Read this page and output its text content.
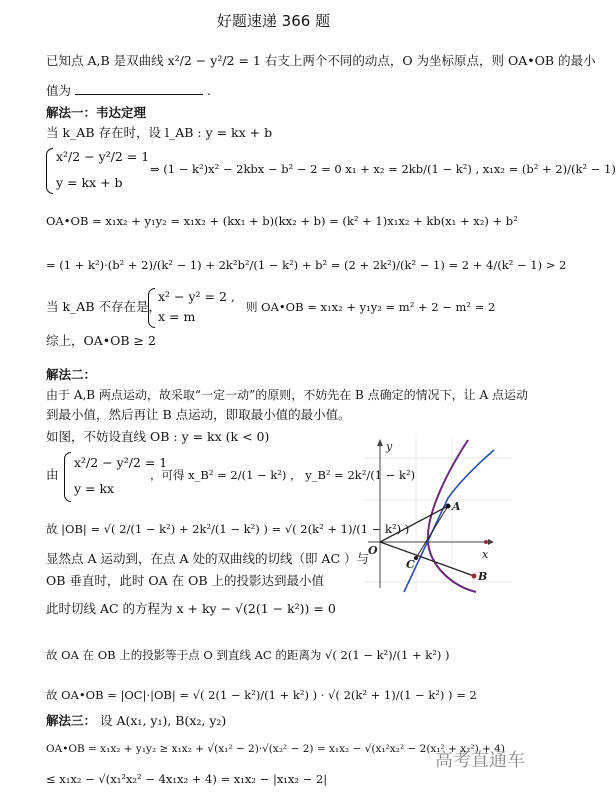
好题速递 366 题
已知点 A,B 是双曲线 x²/2 − y²/2 = 1 右支上两个不同的动点，O 为坐标原点，则 OA•OB 的最小
值为	.
解法一：韦达定理
当 k_AB 存在时，设 l_AB : y = kx + b
x²/2 − y²/2 = 1
y = kx + b
⇒ (1 − k²)x² − 2kbx − b² − 2 = 0 x₁ + x₂ = 2kb/(1 − k²) , x₁x₂ = (b² + 2)/(k² − 1)
OA•OB = x₁x₂ + y₁y₂ = x₁x₂ + (kx₁ + b)(kx₂ + b) = (k² + 1)x₁x₂ + kb(x₁ + x₂) + b²
= (1 + k²)·(b² + 2)/(k² − 1) + 2k²b²/(1 − k²) + b² = (2 + 2k²)/(k² − 1) = 2 + 4/(k² − 1) > 2
当 k_AB 不存在是，
x² − y² = 2 ,
x = m
则 OA•OB = x₁x₂ + y₁y₂ = m² + 2 − m² = 2
综上，OA•OB ≥ 2
解法二：
由于 A,B 两点运动，故采取“一定一动”的原则，不妨先在 B 点确定的情况下，让 A 点运动
到最小值，然后再让 B 点运动，即取最小值的最小值。
如图，不妨设直线 OB : y = kx (k < 0)
由
x²/2 − y²/2 = 1
y = kx
，可得 x_B² = 2/(1 − k²) ， y_B² = 2k²/(1 − k²)
故 |OB| = √( 2/(1 − k²) + 2k²/(1 − k²) ) = √( 2(k² + 1)/(1 − k²) )
显然点 A 运动到，在点 A 处的双曲线的切线（即 AC ）与
OB 垂直时，此时 OA 在 OB 上的投影达到最小值
此时切线 AC 的方程为 x + ky − √(2(1 − k²)) = 0
故 OA 在 OB 上的投影等于点 O 到直线 AC 的距离为 √( 2(1 − k²)/(1 + k²) )
故 OA•OB = |OC|·|OB| = √( 2(1 − k²)/(1 + k²) ) · √( 2(k² + 1)/(1 − k²) ) = 2
解法三： 设 A(x₁, y₁), B(x₂, y₂)
OA•OB = x₁x₂ + y₁y₂ ≥ x₁x₂ + √(x₁² − 2)·√(x₂² − 2) = x₁x₂ − √(x₁²x₂² − 2(x₁² + x₂²) + 4)
≤ x₁x₂ − √(x₁²x₂² − 4x₁x₂ + 4) = x₁x₂ − |x₁x₂ − 2|
y
x
O
A
B
C
高考直通车
